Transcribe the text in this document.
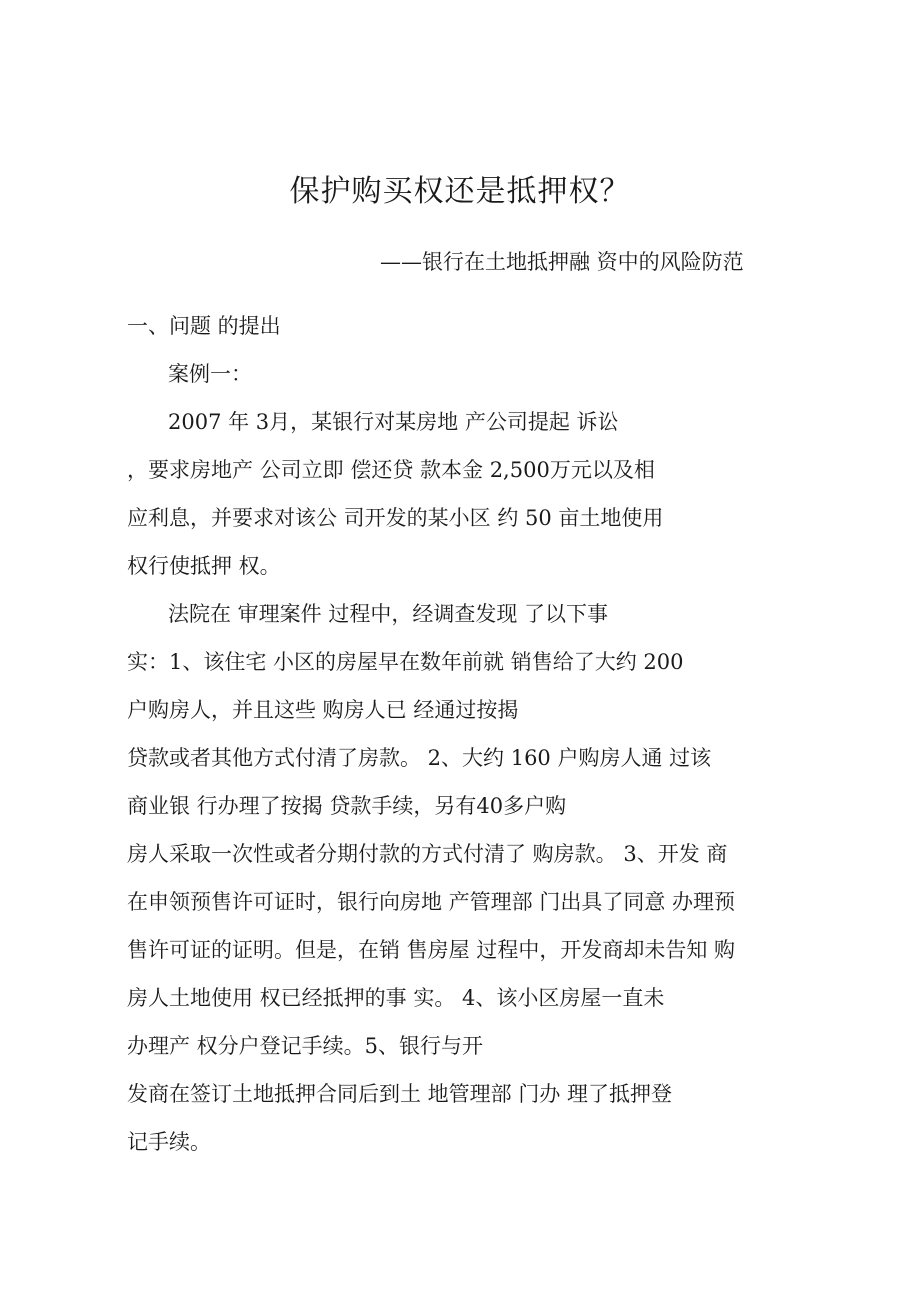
保护购买权还是抵押权？
——银行在土地抵押融 资中的风险防范
一、问题 的提出
案例一：
2007 年 3月，某银行对某房地 产公司提起 诉讼
，要求房地产 公司立即 偿还贷 款本金 2,500万元以及相
应利息，并要求对该公 司开发的某小区 约 50 亩土地使用
权行使抵押 权。
法院在 审理案件 过程中，经调查发现 了以下事
实：1、该住宅 小区的房屋早在数年前就 销售给了大约 200
户购房人，并且这些 购房人已 经通过按揭
贷款或者其他方式付清了房款。 2、大约 160 户购房人通 过该
商业银 行办理了按揭 贷款手续，另有40多户购
房人采取一次性或者分期付款的方式付清了 购房款。 3、开发 商
在申领预售许可证时，银行向房地 产管理部 门出具了同意 办理预
售许可证的证明。但是，在销 售房屋 过程中，开发商却未告知 购
房人土地使用 权已经抵押的事 实。 4、该小区房屋一直未
办理产 权分户登记手续。5、银行与开
发商在签订土地抵押合同后到土 地管理部 门办 理了抵押登
记手续。
